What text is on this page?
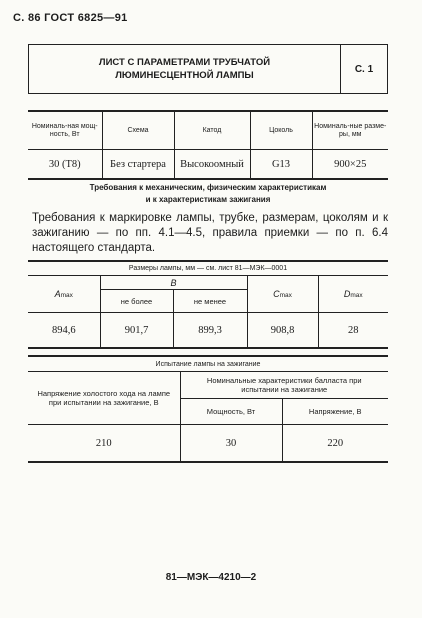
С. 86 ГОСТ 6825—91
ЛИСТ С ПАРАМЕТРАМИ ТРУБЧАТОЙ
ЛЮМИНЕСЦЕНТНОЙ ЛАМПЫ
С. 1
Номиналь-ная мощ-ность, Вт	Схема	Катод	Цоколь	Номиналь-ные разме-ры, мм
30 (Т8)	Без стартера	Высокоомный	G13	900×25
Требования к механическим, физическим характеристикам
и к характеристикам зажигания
Требования к маркировке лампы, трубке, размерам, цоколям и к зажиганию — по пп. 4.1—4.5, правила приемки — по п. 6.4 настоящего стандарта.
Размеры лампы, мм — см. лист 81—МЭК—0001				
Amax	B		Cmax	Dmax
	не более	не менее		
894,6	901,7	899,3	908,8	28
Испытание лампы на зажигание		
Напряжение холостого хода на лампе при испытании на зажигание, В	Номинальные характеристики балласта при испытании на зажигание	
	Мощность, Вт	Напряжение, В
210	30	220
81—МЭК—4210—2
